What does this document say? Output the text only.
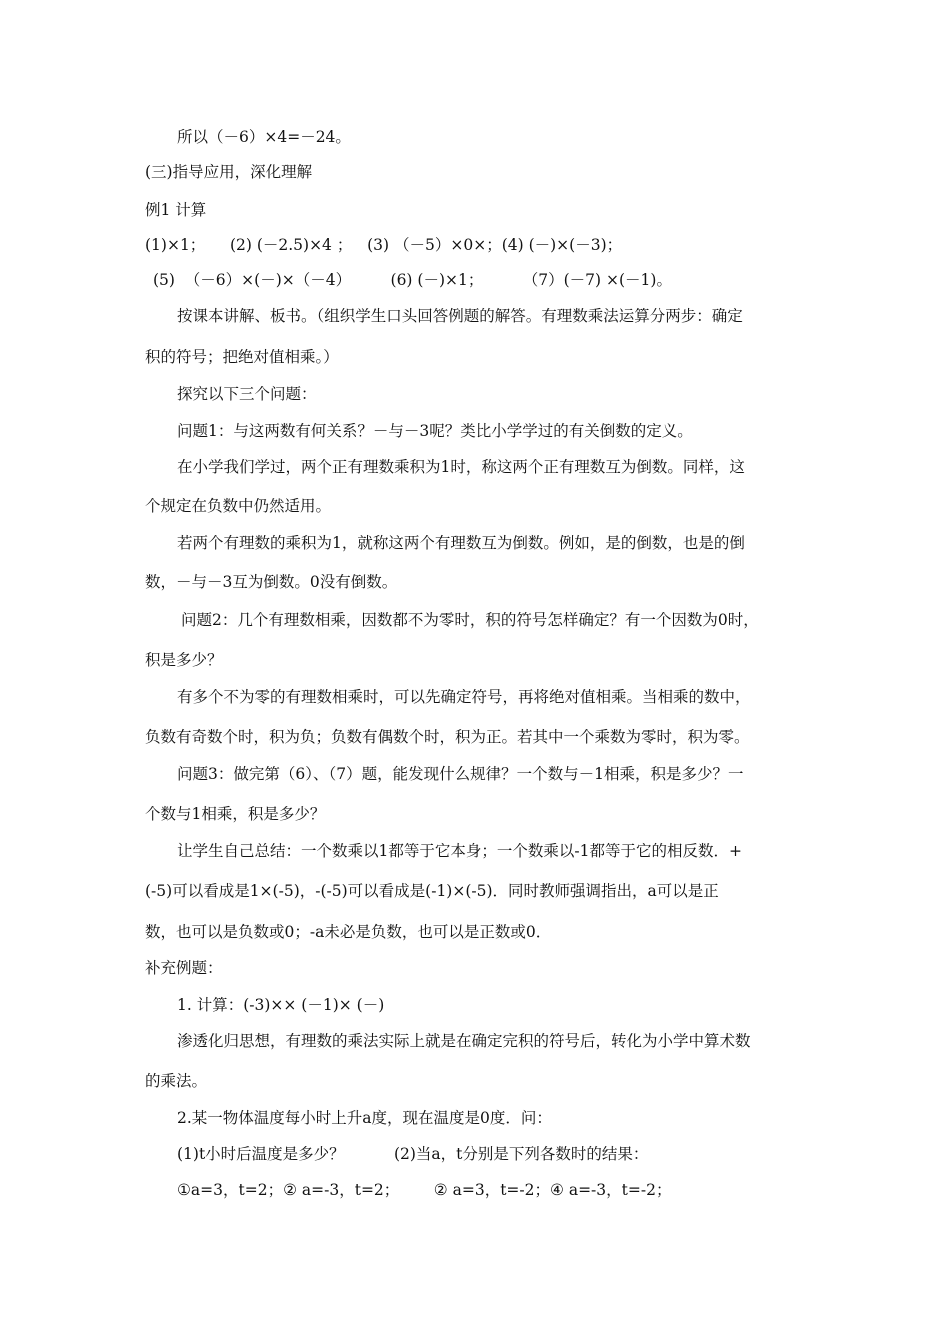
所以（－6）×4=－24。
(三)指导应用，深化理解
例1 计算
(1)×1；     (2) (－2.5)×4 ；   (3) （－5）×0×；(4) (－)×(－3)；
(5)  （－6）×(－)×（－4）        (6) (－)×1；        （7）(－7) ×(－1)。
按课本讲解、板书。（组织学生口头回答例题的解答。有理数乘法运算分两步：确定
积的符号；把绝对值相乘。）
探究以下三个问题：
问题1：与这两数有何关系？－与－3呢？类比小学学过的有关倒数的定义。
在小学我们学过，两个正有理数乘积为1时，称这两个正有理数互为倒数。同样，这
个规定在负数中仍然适用。
若两个有理数的乘积为1，就称这两个有理数互为倒数。例如，是的倒数，也是的倒
数，－与－3互为倒数。0没有倒数。
问题2：几个有理数相乘，因数都不为零时，积的符号怎样确定？有一个因数为0时，
积是多少？
有多个不为零的有理数相乘时，可以先确定符号，再将绝对值相乘。当相乘的数中，
负数有奇数个时，积为负；负数有偶数个时，积为正。若其中一个乘数为零时，积为零。
问题3：做完第（6）、（7）题，能发现什么规律？一个数与－1相乘，积是多少？一
个数与1相乘，积是多少？
让学生自己总结：一个数乘以1都等于它本身；一个数乘以-1都等于它的相反数．+
(-5)可以看成是1×(-5)，-(-5)可以看成是(-1)×(-5)．同时教师强调指出，a可以是正
数，也可以是负数或0；-a未必是负数，也可以是正数或0．
补充例题：
1. 计算：(-3)×× (－1)× (－)
渗透化归思想，有理数的乘法实际上就是在确定完积的符号后，转化为小学中算术数
的乘法。
2.某一物体温度每小时上升a度，现在温度是0度．问：
(1)t小时后温度是多少？          (2)当a，t分别是下列各数时的结果：
①a=3，t=2；② a=-3，t=2；       ② a=3，t=-2；④ a=-3，t=-2；
